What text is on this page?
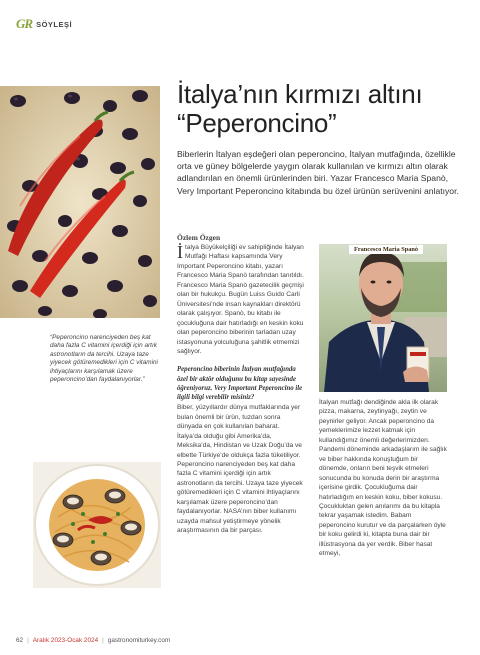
GR SÖYLEŞİ
İtalya’nın kırmızı altını
“Peperoncino”

Biberlerin İtalyan eşdeğeri olan peperoncino, İtalyan mutfağında, özellikle orta ve güney bölgelerde yaygın olarak kullanılan ve kırmızı altın olarak adlandırılan en önemli ürünlerinden biri. Yazar Francesco Maria Spanò, Very Important Peperoncino kitabında bu özel ürünün serüvenini anlatıyor.

Özlem Özgen

İtalya Büyükelçiliği ev sahipliğinde İtalyan Mutfağı Haftası kapsamında Very Important Peperoncino kitabı, yazarı Francesco Maria Spanò tarafından tanıtıldı. Francesco Maria Spanò gazetecilik geçmişi olan bir hukukçu. Bugün Luiss Guido Carli Üniversitesi’nde insan kaynakları direktörü olarak çalışıyor. Spanò, bu kitabı ile çocukluğuna dair hatırladığı en keskin koku olan peperoncino biberinin tarladan uzay istasyonuna yolculuğuna şahitlik etmemizi sağlıyor.

Peperoncino biberinin İtalyan mutfağında özel bir aktör olduğunu bu kitap sayesinde öğreniyoruz. Very Important Peperoncino ile ilgili bilgi verebilir misiniz?

Biber, yüzyıllardır dünya mutfaklarında yer bulan önemli bir ürün, tuzdan sonra dünyada en çok kullanılan baharat. İtalya’da olduğu gibi Amerika’da, Meksika’da, Hindistan ve Uzak Doğu’da ve elbette Türkiye’de oldukça fazla tüketiliyor. Peperoncino narenciyeden beş kat daha fazla C vitamini içerdiği için artık astronotların da tercihi. Uzaya taze yiyecek götüremedikleri için C vitamini ihtiyaçlarını karşılamak üzere peperoncino’dan faydalanıyorlar. NASA’nın biber kullanımı uzayda mahsul yetiştirmeye yönelik araştırmasının da bir parçası.

Francesco Maria Spanò

İtalyan mutfağı dendiğinde akla ilk olarak pizza, makarna, zeytinyağı, zeytin ve peynirler geliyor. Ancak peperoncino da yemeklerimize lezzet katmak için kullandığımız önemli değerlerimizden. Pandemi döneminde arkadaşlarım ile sağlık ve biber hakkında konuştuğum bir dönemde, onların beni teşvik etmeleri sonucunda bu konuda derin bir araştırma içerisine girdik. Çocukluğuma dair hatırladığım en keskin koku, biber kokusu. Çocukluktan gelen anılarımı da bu kitapla tekrar yaşamak istedim. Babam peperoncino kurutur ve da parçalarken öyle bir koku gelirdi ki, kitapta buna dair bir illüstrasyona da yer verdik. Biber hasat etmeyi,

“Peperoncino narenciyeden beş kat daha fazla C vitamini içerdiği için artık astronotların da tercihi. Uzaya taze yiyecek götüremedikleri için C vitamini ihtiyaçlarını karşılamak üzere peperoncino’dan faydalanıyorlar.”

62 | Aralık 2023-Ocak 2024 | gastronomiturkey.com
